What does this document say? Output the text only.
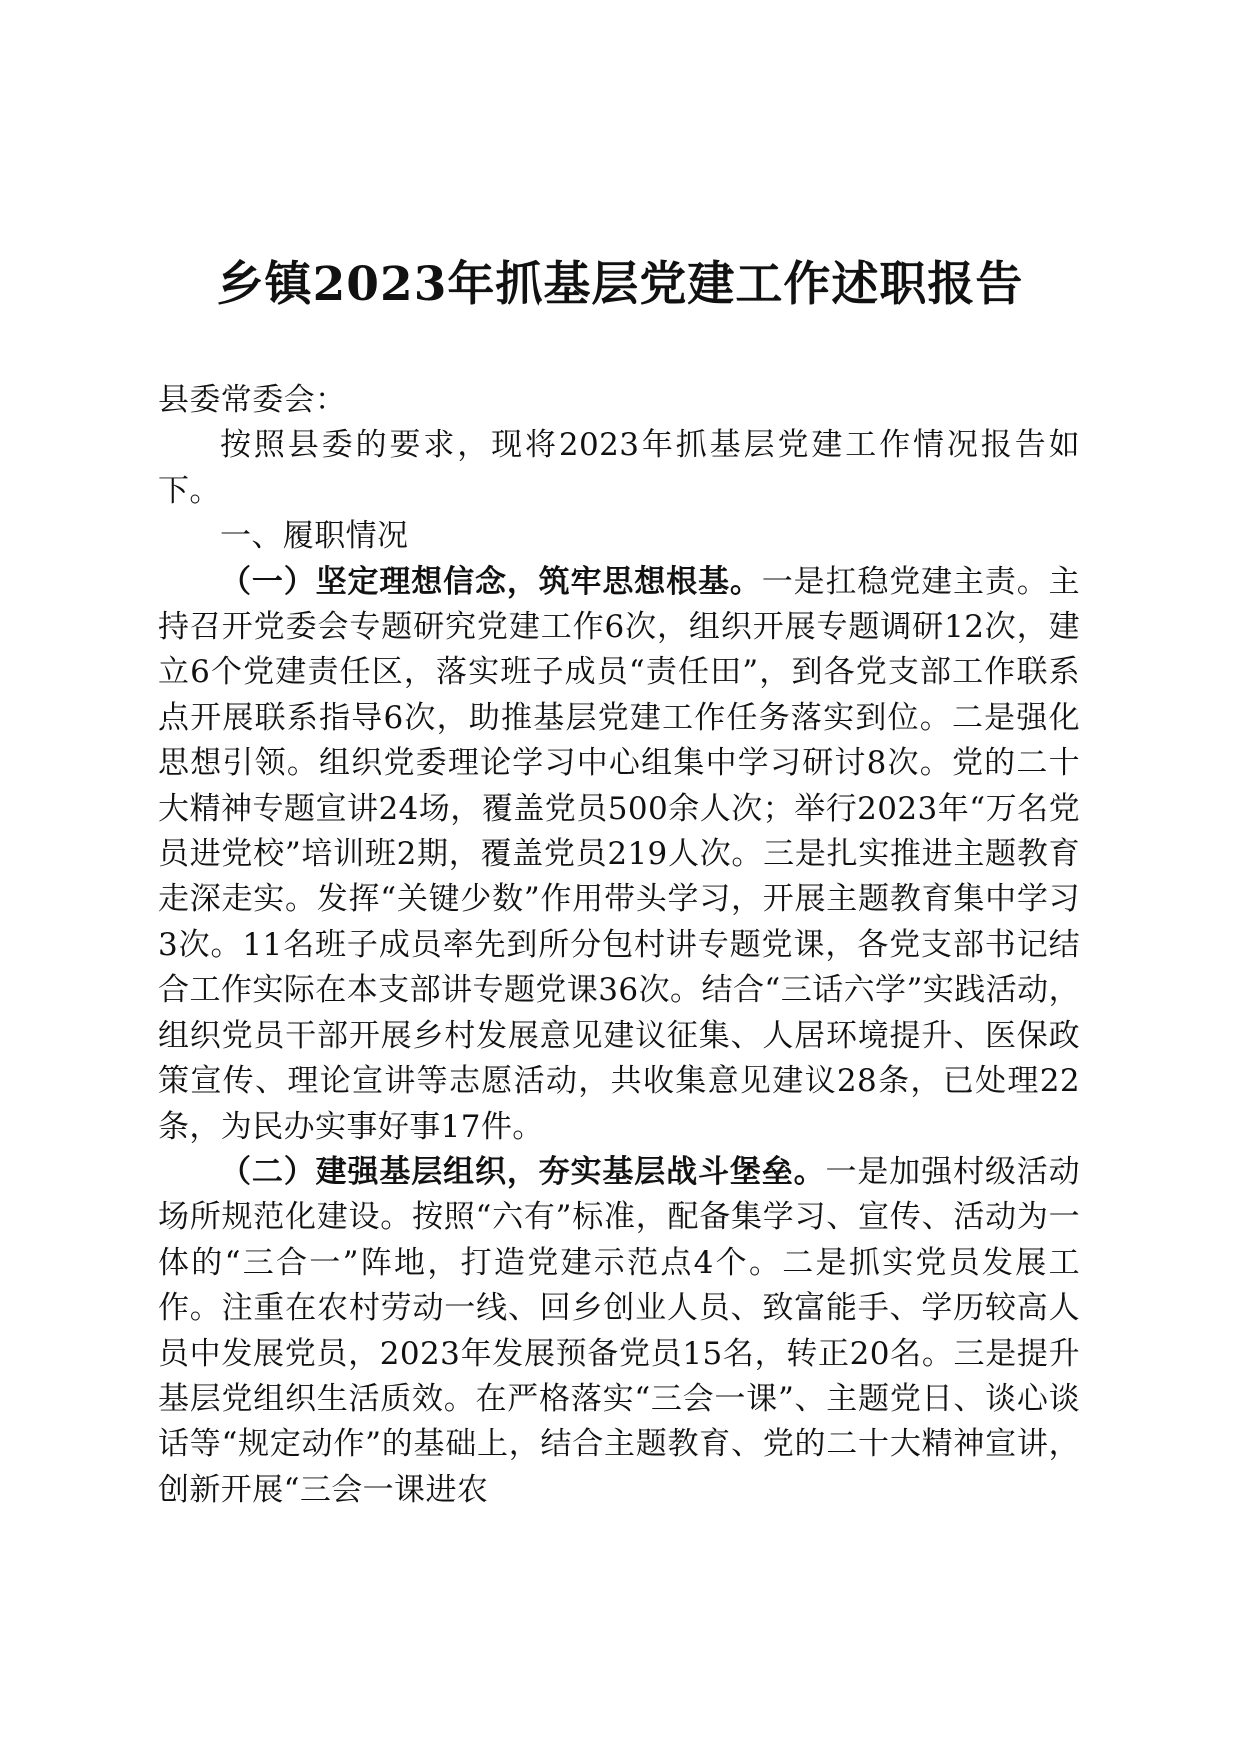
乡镇2023年抓基层党建工作述职报告

县委常委会：

按照县委的要求，现将2023年抓基层党建工作情况报告如下。

一、履职情况

（一）坚定理想信念，筑牢思想根基。一是扛稳党建主责。主持召开党委会专题研究党建工作6次，组织开展专题调研12次，建立6个党建责任区，落实班子成员“责任田”，到各党支部工作联系点开展联系指导6次，助推基层党建工作任务落实到位。二是强化思想引领。组织党委理论学习中心组集中学习研讨8次。党的二十大精神专题宣讲24场，覆盖党员500余人次；举行2023年“万名党员进党校”培训班2期，覆盖党员219人次。三是扎实推进主题教育走深走实。发挥“关键少数”作用带头学习，开展主题教育集中学习3次。11名班子成员率先到所分包村讲专题党课，各党支部书记结合工作实际在本支部讲专题党课36次。结合“三话六学”实践活动，组织党员干部开展乡村发展意见建议征集、人居环境提升、医保政策宣传、理论宣讲等志愿活动，共收集意见建议28条，已处理22条，为民办实事好事17件。

（二）建强基层组织，夯实基层战斗堡垒。一是加强村级活动场所规范化建设。按照“六有”标准，配备集学习、宣传、活动为一体的“三合一”阵地，打造党建示范点4个。二是抓实党员发展工作。注重在农村劳动一线、回乡创业人员、致富能手、学历较高人员中发展党员，2023年发展预备党员15名，转正20名。三是提升基层党组织生活质效。在严格落实“三会一课”、主题党日、谈心谈话等“规定动作”的基础上，结合主题教育、党的二十大精神宣讲，创新开展“三会一课进农
